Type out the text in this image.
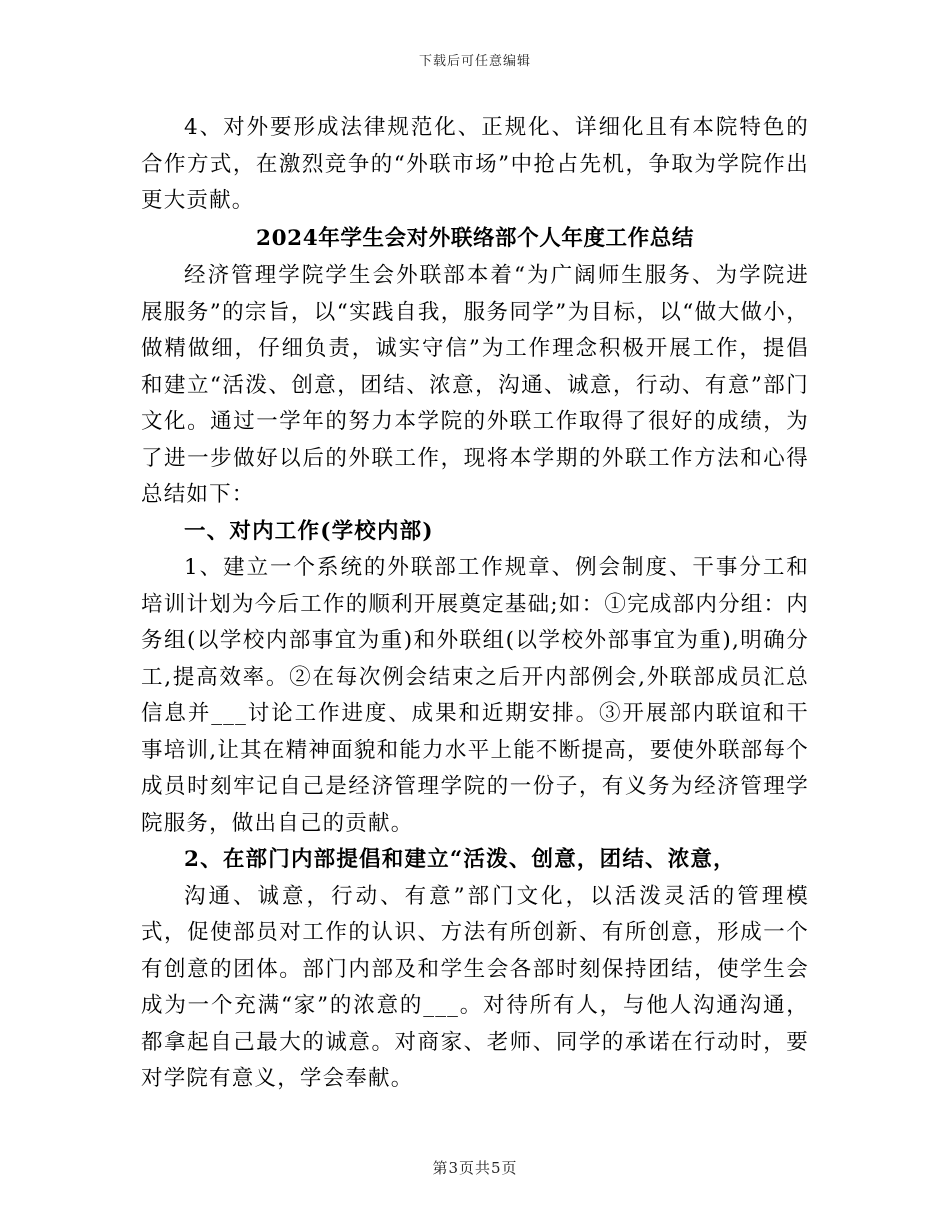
下载后可任意编辑

4、对外要形成法律规范化、正规化、详细化且有本院特色的合作方式，在激烈竞争的“外联市场”中抢占先机，争取为学院作出更大贡献。

2024年学生会对外联络部个人年度工作总结

经济管理学院学生会外联部本着“为广阔师生服务、为学院进展服务”的宗旨，以“实践自我，服务同学”为目标，以“做大做小，做精做细，仔细负责，诚实守信”为工作理念积极开展工作，提倡和建立“活泼、创意，团结、浓意，沟通、诚意，行动、有意”部门文化。通过一学年的努力本学院的外联工作取得了很好的成绩，为了进一步做好以后的外联工作，现将本学期的外联工作方法和心得总结如下：

一、对内工作(学校内部)

1、建立一个系统的外联部工作规章、例会制度、干事分工和培训计划为今后工作的顺利开展奠定基础;如：①完成部内分组：内务组(以学校内部事宜为重)和外联组(以学校外部事宜为重),明确分工,提高效率。②在每次例会结束之后开内部例会,外联部成员汇总信息并___讨论工作进度、成果和近期安排。③开展部内联谊和干事培训,让其在精神面貌和能力水平上能不断提高，要使外联部每个成员时刻牢记自己是经济管理学院的一份子，有义务为经济管理学院服务，做出自己的贡献。

2、在部门内部提倡和建立“活泼、创意，团结、浓意，

沟通、诚意，行动、有意”部门文化，以活泼灵活的管理模式，促使部员对工作的认识、方法有所创新、有所创意，形成一个有创意的团体。部门内部及和学生会各部时刻保持团结，使学生会成为一个充满“家”的浓意的___。对待所有人，与他人沟通沟通，都拿起自己最大的诚意。对商家、老师、同学的承诺在行动时，要对学院有意义，学会奉献。

第3页共5页
